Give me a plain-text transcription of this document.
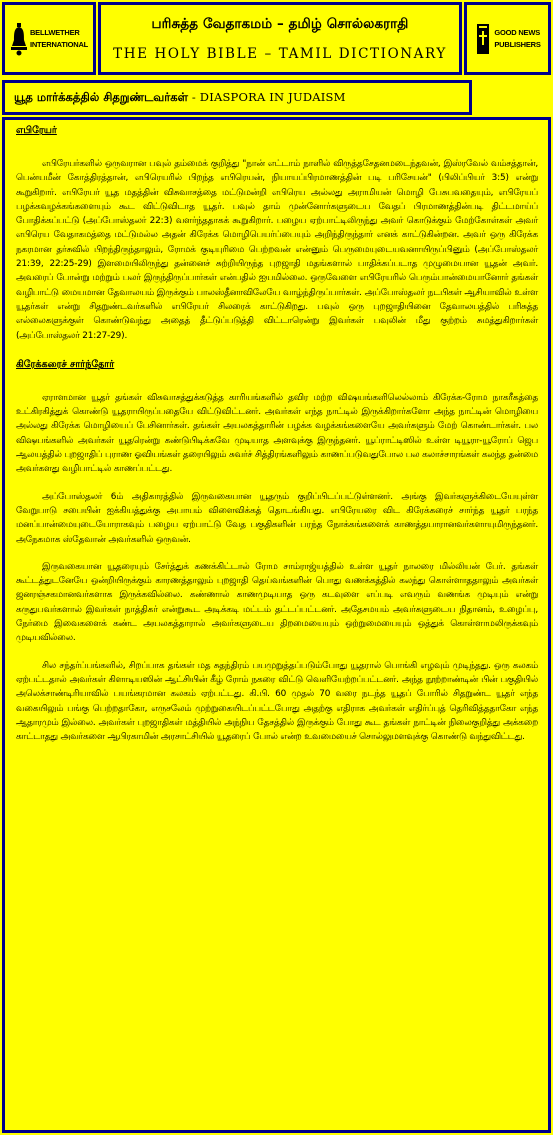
BELLWETHER
INTERNATIONAL
பரிசுத்த வேதாகமம் – தமிழ் சொல்லகராதி
THE HOLY BIBLE – TAMIL DICTIONARY
GOOD NEWS
PUBLISHERS
யூத மார்க்கத்தில் சிதறுண்டவர்கள் - DIASPORA IN JUDAISM
எபிரேயர்

எபிரேயர்களில் ஒருவரான பவுல் தம்மைக் குறித்து "நான் எட்டாம் நாளில் விருத்தசேதனமடைந்தவன், இஸ்ரவேல் வம்சத்தான், பென்யமீன் கோத்திரத்தான், எபிரெயரில் பிறந்த எபிரெயன், நியாயப்பிரமாணத்தின் படி பரிசேயன்" (பிலிப்பியர் 3:5) என்று கூறுகிறார். எபிரேயர் யூத மதத்தின் விசுவாசத்தை மட்டுமன்றி எபிரெய அல்லது அராமியன் மொழி பேசுபவதையும், எபிரேயப் பழக்கவழக்கங்களையும் கூட விட்டுவிடாத யூதர். பவுல் தாம் முன்னோர்களுடைய வேதப் பிரமாணத்தின்படி திட்டமாய்ப் போதிக்கப்பட்டு (அப்போஸ்தலர் 22:3) வளர்ந்ததாகக் கூறுகிறார். பழைய ஏற்பாட்டிலிருந்து அவர் கொடுக்கும் மேற்கோள்கள் அவர் எபிரெய வேதாகமத்தை மட்டுமல்ல அதன் கிரேக்க மொழிபெயர்ப்பையும் அறிந்திருந்தார் எனக் காட்டுகின்றன. அவர் ஒரு கிரேக்க நகரமான தர்சுவில் பிறந்திருந்தாலும், ரோமக் குடியுரிமை பெற்றவன் என்னும் பெருமையுடையவனாயிருப்பினும் (அப்போஸ்தலர் 21:39, 22:25-29) இளமையிலிருந்து தன்னைச் சுற்றியிருந்த புறஜாதி மதங்களால் பாதிக்கப்படாத முழுமையான யூதன் அவர். அவரைப் போன்று மற்றும் பலர் இருந்திருப்பார்கள் என்பதில் ஐயமில்லை. ஒருவேளை எபிரேயரில் பெரும்பான்மையானோர் தங்கள் வழிபாட்டு மையமான தேவாலயம் இருக்கும் பாலஸ்தீனாவிலேயே வாழ்ந்திருப்பார்கள். அப்போஸ்தலர் நடபிகள் ஆசியாவில் உள்ள யூதர்கள் என்று சிதறுண்டவர்களில் எபிரேயர் சிலரைக் காட்டுகிறது. பவுல் ஒரு புறஜாதியினை தேவாலயத்தில் பரிசுத்த எல்லைகளுக்குள் கொண்டுவந்து அதைத் தீட்டுப்படுத்தி விட்டாரென்று இவர்கள் பவுலின் மீது குற்றம் சுமத்துகிறார்கள் (அப்போஸ்தலர் 21:27-29).

கிரேக்கரைச் சார்ந்தோர்

ஏராளமான யூதர் தங்கள் விசுவாசத்துக்கடுத்த காரியங்களில் தவிர மற்ற விஷயங்களிலெல்லாம் கிரேக்க-ரோம நாகரீகத்தை உட்கிரகித்துக் கொண்டு யூதராயிருப்பதையே விட்டுவிட்டனர். அவர்கள் எந்த நாட்டில் இருக்கிறார்களோ அந்த நாட்டின் மொழியை அல்லது கிரேக்க மொழியைப் பேசினார்கள். தங்கள் அயலகத்தாரின் பழக்க வழக்கங்களையே அவர்களும் மேற் கொண்டார்கள். பல விஷயங்களில் அவர்கள் யூதரென்று கண்டுபிடிக்கவே முடியாத அளவுக்கு இருந்தனர். யூப்ராட்டிஸில் உள்ள டியூரா-யூரோப் ஜெப ஆலயத்தில் புறஜாதிப் புராண ஓவியங்கள் தரையிலும் சுவர்ச் சித்திரங்களிலும் காணப்படுவதுபோல பல கலாச்சாரங்கள் கலந்த தன்மை அவர்களது வழிபாட்டில் காணப்பட்டது.

அப்போஸ்தலர் 6ம் அதிகாரத்தில் இருவகையான யூதரும் குறிப்பிடப்பட்டுள்ளனர். அங்கு இவர்களுக்கிடையேயுள்ள வேறுபாடு சபையின் ஐக்கியத்துக்கு அபாயம் விளைவிக்கத் தொடங்கியது. எபிரேயரை விட கிரேக்கரைச் சார்ந்த யூதர் பரந்த மனப்பான்மையுடையோராகவும் பழைய ஏற்பாட்டு வேத பகுதிகளின் பரந்த நோக்கங்களைக் காணத்தயாரானவர்களாயுமிருந்தனர். அநேகமாக ஸ்தேவான் அவர்களில் ஒருவன்.

இருவகையான யூதரையும் சேர்த்துக் கணக்கிட்டால் ரோம சாம்ராஜ்யத்தில் உள்ள யூதர் நாலரை மில்லியன் பேர். தங்கள் கூட்டத்துடனேயே ஒன்றியிருக்கும் காரணத்தாலும் புறஜாதி தெய்வங்களின் பொது வணக்கத்தில் கலந்து கொள்ளாததாலும் அவர்கள் ஜனரஞ்சகமானவர்களாக இருக்கவில்லை. கண்ணால் காணமுடியாத ஒரு கடவுளை எப்படி எவரும் வணங்க முடியும் என்று கருதுபவர்களால் இவர்கள் நாத்திகர் என்றுகூட அடிக்கடி மட்டம் தட்டப்பட்டனர். அதேசமயம் அவர்களுடைய நிதானம், உழைப்பு, நேர்மை இவைகளைக் கண்ட அயலகத்தாரால் அவர்களுடைய திறமையையும் ஒற்றுமையையும் ஒத்துக் கொள்ளாமலிருக்கவும் முடியவில்லை.

சில சந்தர்ப்பங்களில், சிறப்பாக தங்கள் மத சுதந்திரம் பயமுறுத்தப்படும்போது யூதரால் பொங்கி எழவும் முடிந்தது. ஒரு கலகம் ஏற்பட்டதால் அவர்கள் கிளாடியஸின் ஆட்சியின் கீழ் ரோம் நகரை விட்டு வெளியேற்றப்பட்டனர். அந்த நூற்றாண்டின் பின் பகுதியில் அலெக்சாண்டிரியாவில் பயங்கரமான கலகம் ஏற்பட்டது. கி.பி. 60 முதல் 70 வரை நடந்த யூதப் போரில் சிதறுண்ட யூதர் எந்த வகையிலும் பங்கு பெற்றதாகோ, எருசலேம் முற்றுகையிடப்பட்டபோது அதற்கு எதிராக அவர்கள் எதிர்ப்புத் தெரிவித்ததாகோ எந்த ஆதாரமும் இல்லை. அவர்கள் புறஜாதிகள் மத்தியில் அந்நிய தேசத்தில் இருக்கும் போது கூட தங்கள் நாட்டின் நிலைகுறித்து அக்கறை காட்டாதது அவர்களை ஆபிரகாமின் அரசாட்சியில் யூதரைப் போல் என்ற உவமையைச் சொல்லுமளவுக்கு கொண்டு வந்துவிட்டது.
